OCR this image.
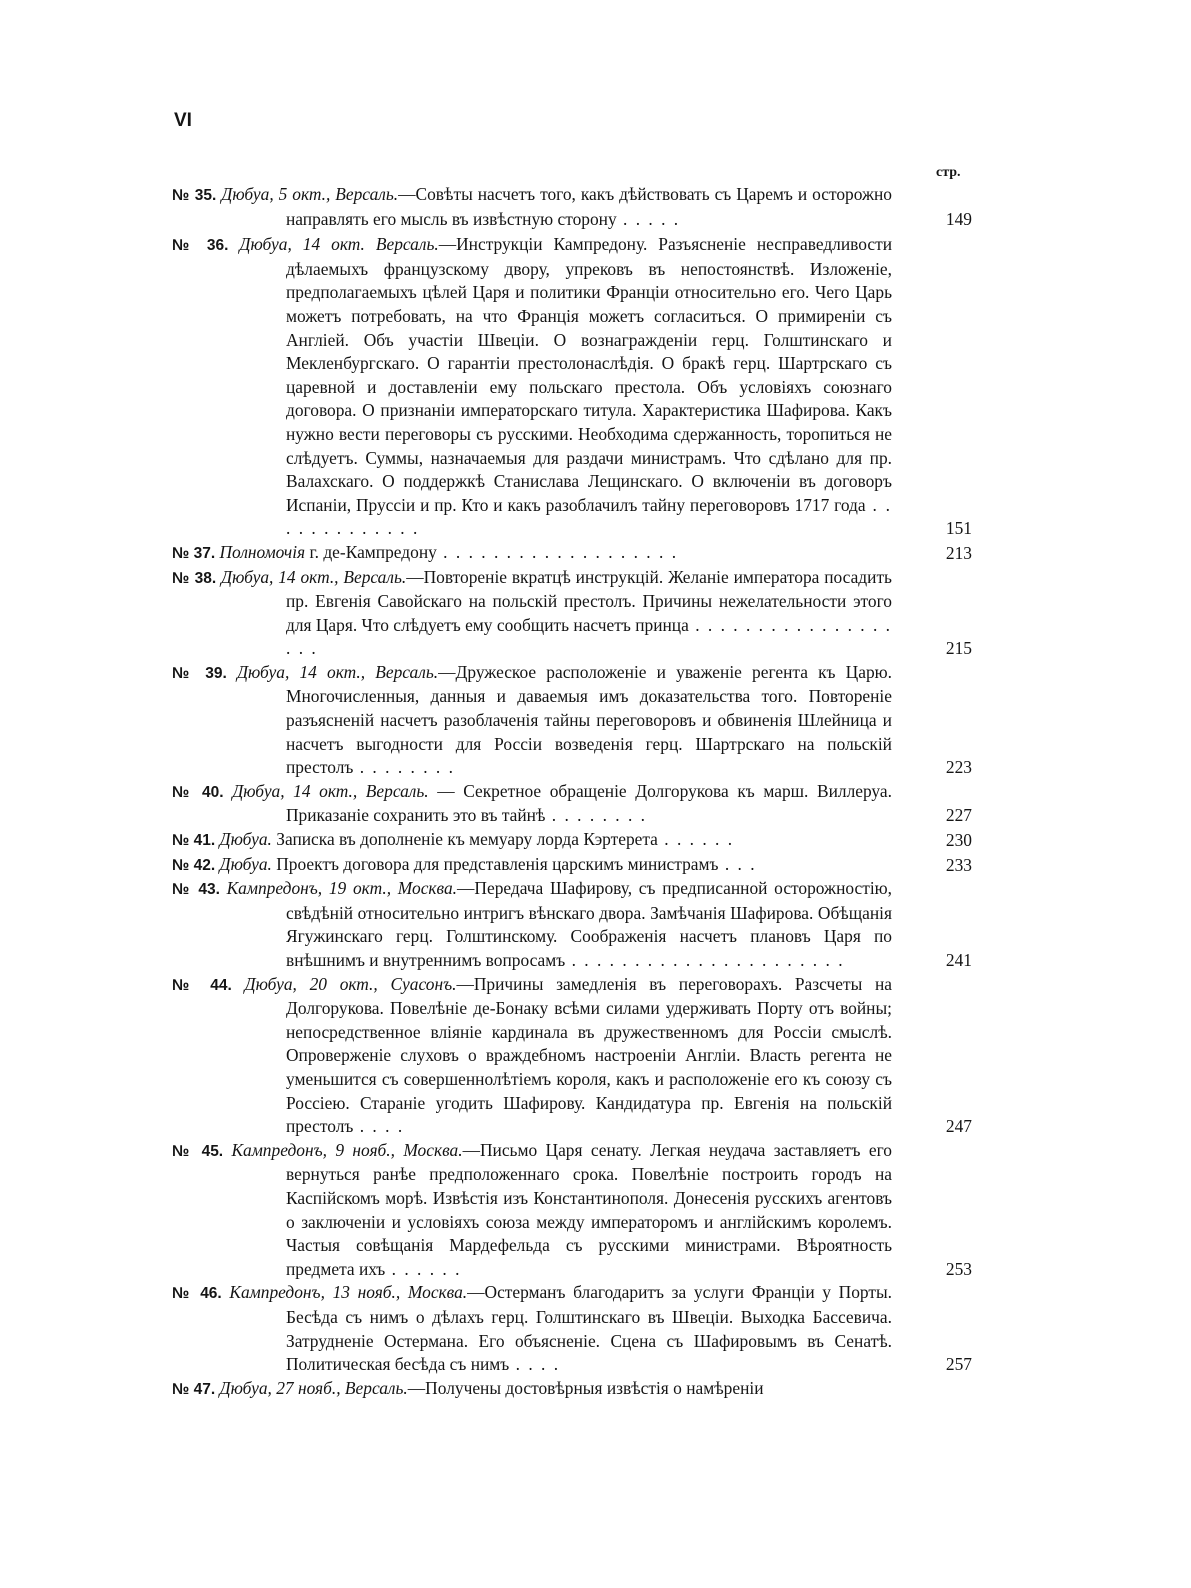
VI
стр.
№ 35. Дюбуа, 5 окт., Версаль.—Совѣты насчетъ того, какъ дѣйствовать съ Царемъ и осторожно направлять его мысль въ извѣстную сторону . . . . .	149
№ 36. Дюбуа, 14 окт. Версаль.—Инструкціи Кампредону. Разъясненіе несправедливости дѣлаемыхъ французскому двору, упрековъ въ непостоянствѣ. Изложеніе, предполагаемыхъ цѣлей Царя и политики Франціи относительно его. Чего Царь можетъ потребовать, на что Франція можетъ согласиться. О примиреніи съ Англіей. Объ участіи Швеціи. О вознагражденіи герц. Голштинскаго и Мекленбургскаго. О гарантіи престолонаслѣдія. О бракѣ герц. Шартрскаго съ царевной и доставленіи ему польскаго престола. Объ условіяхъ союзнаго договора. О признаніи императорскаго титула. Характеристика Шафирова. Какъ нужно вести переговоры съ русскими. Необходима сдержанность, торопиться не слѣдуетъ. Суммы, назначаемыя для раздачи министрамъ. Что сдѣлано для пр. Валахскаго. О поддержкѣ Станислава Лещинскаго. О включеніи въ договоръ Испаніи, Пруссіи и пр. Кто и какъ разоблачилъ тайну переговоровъ 1717 года . . . . . . . . . . . . .	151
№ 37. Полномочія г. де-Кампредону . . . . . . . . . . . . . . . . . . .	213
№ 38. Дюбуа, 14 окт., Версаль.—Повтореніе вкратцѣ инструкцій. Желаніе императора посадить пр. Евгенія Савойскаго на польскій престолъ. Причины нежелательности этого для Царя. Что слѣдуетъ ему сообщить насчетъ принца . . . . . . . . . . . . . . . . . . .	215
№ 39. Дюбуа, 14 окт., Версаль.—Дружеское расположеніе и уваженіе регента къ Царю. Многочисленныя, данныя и даваемыя имъ доказательства того. Повтореніе разъясненій насчетъ разоблаченія тайны переговоровъ и обвиненія Шлейница и насчетъ выгодности для Россіи возведенія герц. Шартрскаго на польскій престолъ . . . . . . . .	223
№ 40. Дюбуа, 14 окт., Версаль. — Секретное обращеніе Долгорукова къ марш. Виллеруа. Приказаніе сохранить это въ тайнѣ . . . . . . . .	227
№ 41. Дюбуа. Записка въ дополненіе къ мемуару лорда Кэртерета . . . . . .	230
№ 42. Дюбуа. Проектъ договора для представленія царскимъ министрамъ . . .	233
№ 43. Кампредонъ, 19 окт., Москва.—Передача Шафирову, съ предписанной осторожностію, свѣдѣній относительно интригъ вѣнскаго двора. Замѣчанія Шафирова. Обѣщанія Ягужинскаго герц. Голштинскому. Соображенія насчетъ плановъ Царя по внѣшнимъ и внутреннимъ вопросамъ . . . . . . . . . . . . . . . . . . . . . .	241
№ 44. Дюбуа, 20 окт., Суасонъ.—Причины замедленія въ переговорахъ. Разсчеты на Долгорукова. Повелѣніе де-Бонаку всѣми силами удерживать Порту отъ войны; непосредственное вліяніе кардинала въ дружественномъ для Россіи смыслѣ. Опроверженіе слуховъ о враждебномъ настроеніи Англіи. Власть регента не уменьшится съ совершеннолѣтіемъ короля, какъ и расположеніе его къ союзу съ Россіею. Стараніе угодить Шафирову. Кандидатура пр. Евгенія на польскій престолъ . . . .	247
№ 45. Кампредонъ, 9 нояб., Москва.—Письмо Царя сенату. Легкая неудача заставляетъ его вернуться ранѣе предположеннаго срока. Повелѣніе построить городъ на Каспійскомъ морѣ. Извѣстія изъ Константинополя. Донесенія русскихъ агентовъ о заключеніи и условіяхъ союза между императоромъ и англійскимъ королемъ. Частыя совѣщанія Мардефельда съ русскими министрами. Вѣроятность предмета ихъ . . . . . .	253
№ 46. Кампредонъ, 13 нояб., Москва.—Остерманъ благодаритъ за услуги Франціи у Порты. Бесѣда съ нимъ о дѣлахъ герц. Голштинскаго въ Швеціи. Выходка Бассевича. Затрудненіе Остермана. Его объясненіе. Сцена съ Шафировымъ въ Сенатѣ. Политическая бесѣда съ нимъ . . . .	257
№ 47. Дюбуа, 27 нояб., Версаль.—Получены достовѣрныя извѣстія о намѣреніи
